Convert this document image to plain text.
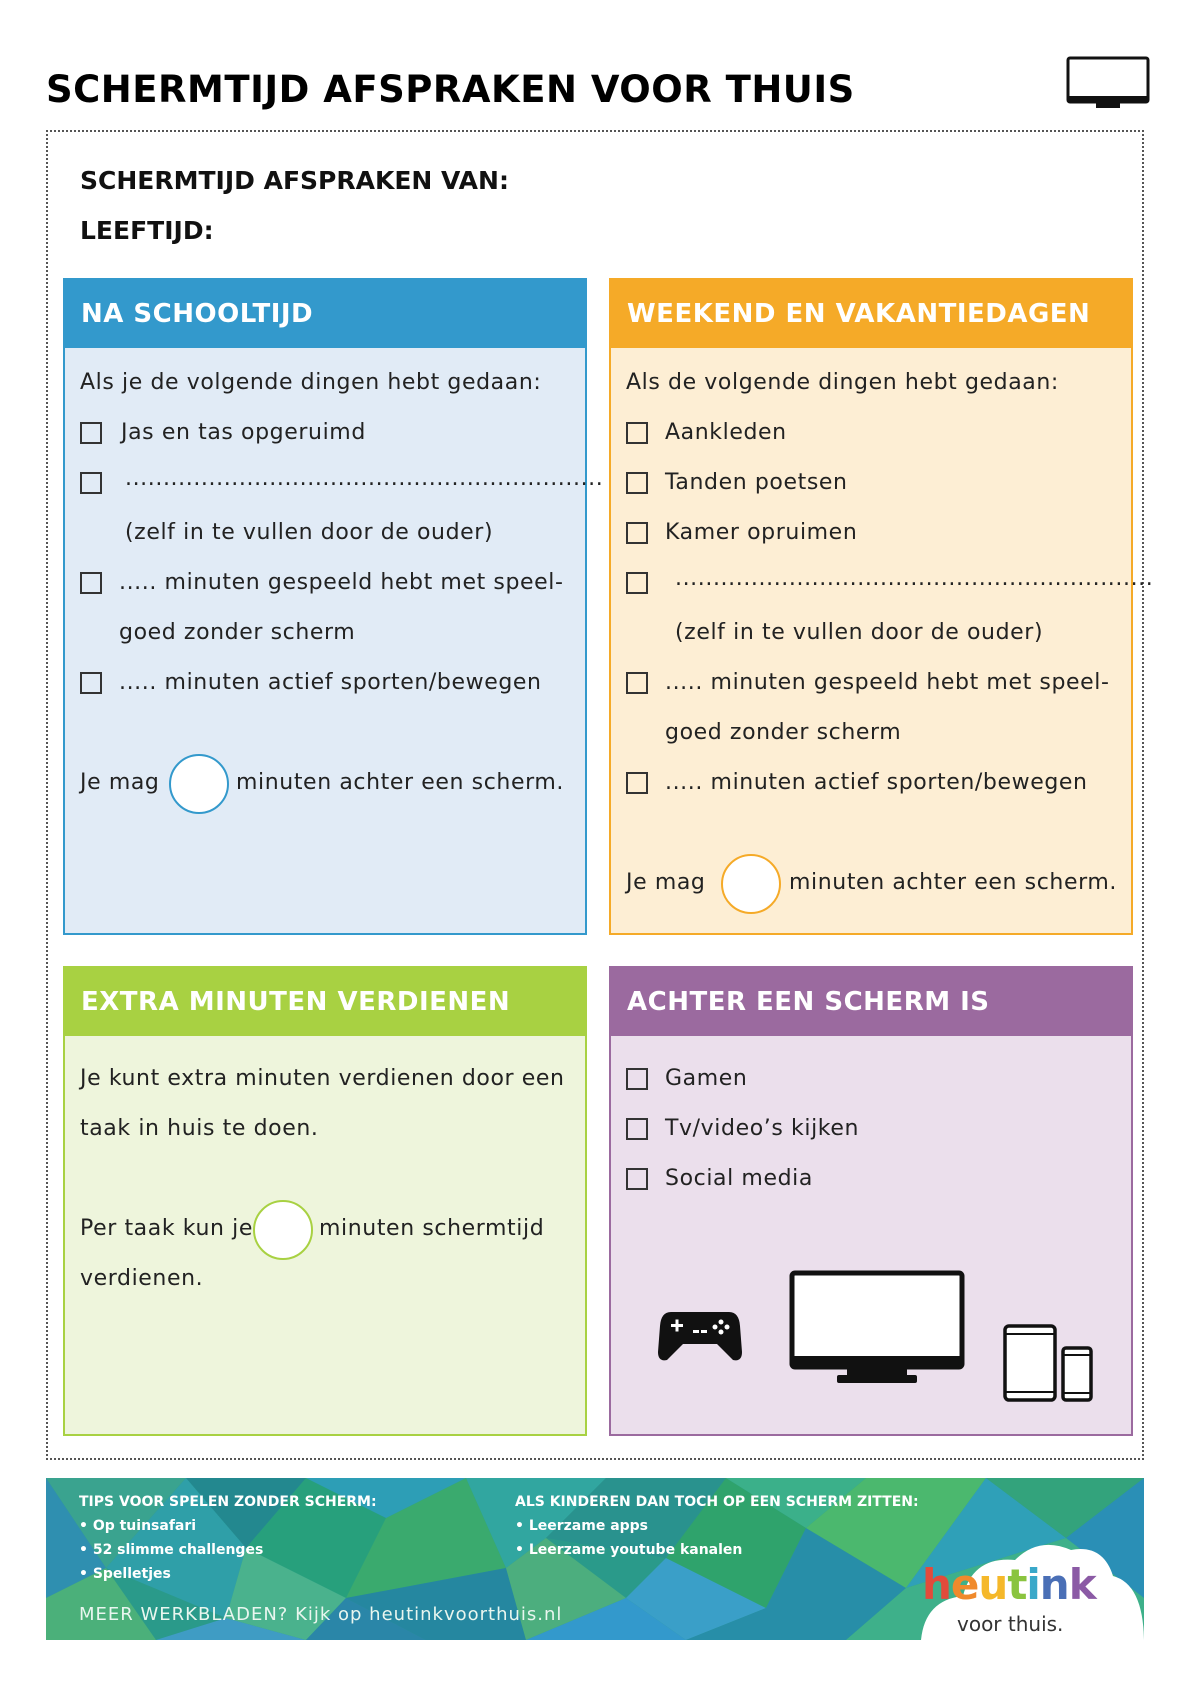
SCHERMTIJD AFSPRAKEN VOOR THUIS
SCHERMTIJD AFSPRAKEN VAN:
LEEFTIJD:
NA SCHOOLTIJD
Als je de volgende dingen hebt gedaan:
Jas en tas opgeruimd
...............................................................
(zelf in te vullen door de ouder)
..... minuten gespeeld hebt met speel-
goed zonder scherm
..... minuten actief sporten/bewegen
Je mag	minuten achter een scherm.
WEEKEND EN VAKANTIEDAGEN
Als de volgende dingen hebt gedaan:
Aankleden
Tanden poetsen
Kamer opruimen
...............................................................
(zelf in te vullen door de ouder)
..... minuten gespeeld hebt met speel-
goed zonder scherm
..... minuten actief sporten/bewegen
Je mag	minuten achter een scherm.
EXTRA MINUTEN VERDIENEN
Je kunt extra minuten verdienen door een
taak in huis te doen.
Per taak kun je	minuten schermtijd
verdienen.
ACHTER EEN SCHERM IS
Gamen
Tv/video’s kijken
Social media
TIPS VOOR SPELEN ZONDER SCHERM:
• Op tuinsafari
• 52 slimme challenges
• Spelletjes
ALS KINDEREN DAN TOCH OP EEN SCHERM ZITTEN:
• Leerzame apps
• Leerzame youtube kanalen
MEER WERKBLADEN? Kijk op heutinkvoorthuis.nl
heutink
voor thuis.
